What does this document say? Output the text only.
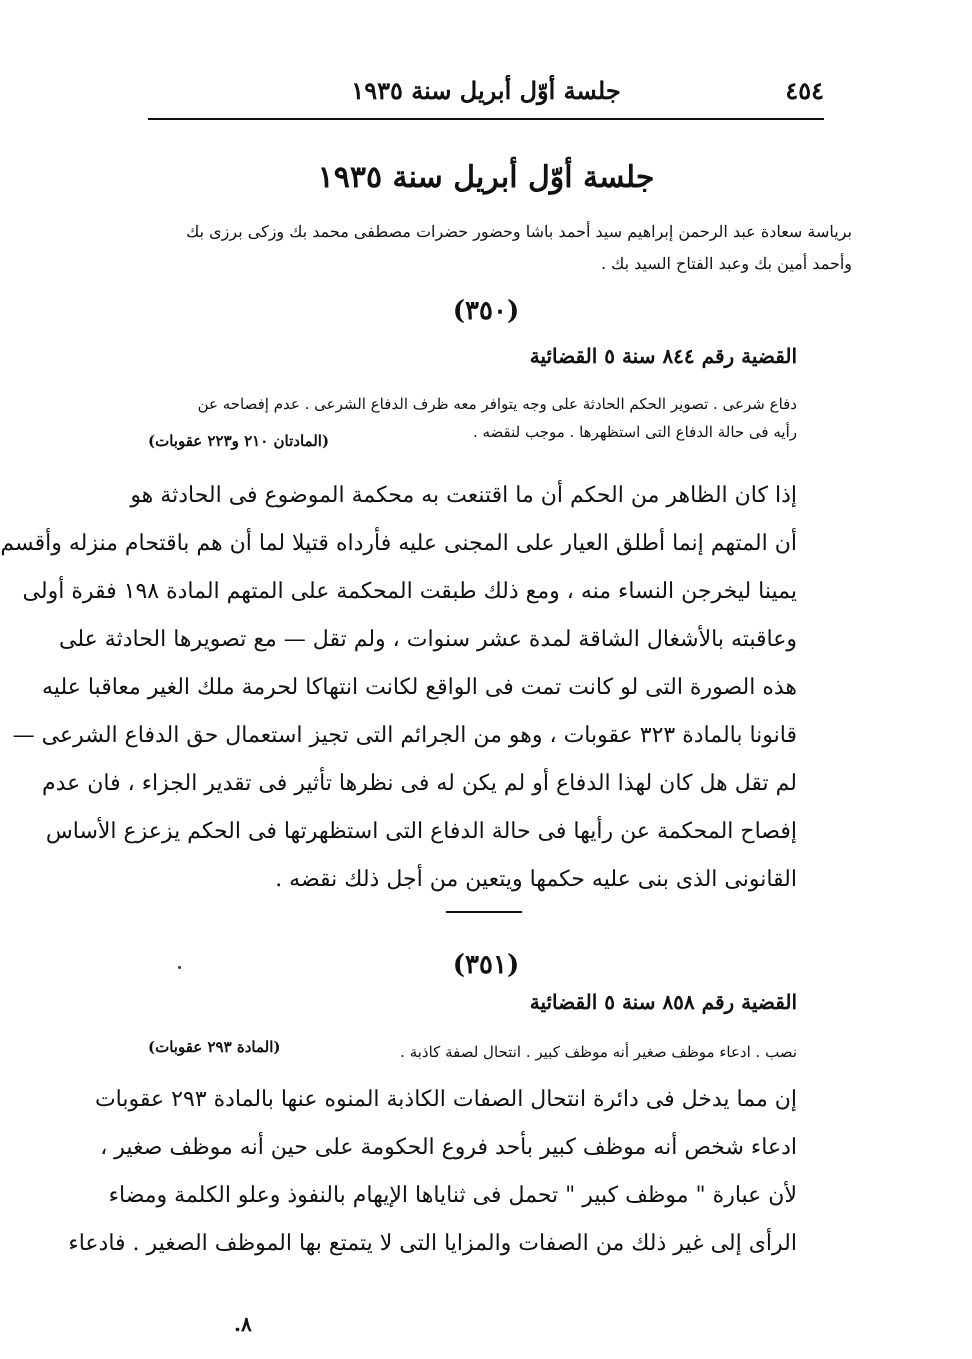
٤٥٤
جلسة أوّل أبريل سنة ١٩٣٥
جلسة أوّل أبريل سنة ١٩٣٥
برياسة سعادة عبد الرحمن إبراهيم سيد أحمد باشا وحضور حضرات مصطفى محمد بك وزكى برزى بك
وأحمد أمين بك وعبد الفتاح السيد بك .
(٣٥٠)
القضية رقم ٨٤٤ سنة ٥ القضائية
دفاع شرعى . تصوير الحكم الحادثة على وجه يتوافر معه ظرف الدفاع الشرعى . عدم إفصاحه عن
رأيه فى حالة الدفاع التى استظهرها . موجب لنقضه .
(المادتان ٢١٠ و٢٢٣ عقوبات)
إذا كان الظاهر من الحكم أن ما اقتنعت به محكمة الموضوع فى الحادثة هو
أن المتهم إنما أطلق العيار على المجنى عليه فأرداه قتيلا لما أن هم باقتحام منزله وأقسم
يمينا ليخرجن النساء منه ، ومع ذلك طبقت المحكمة على المتهم المادة ١٩٨ فقرة أولى
وعاقبته بالأشغال الشاقة لمدة عشر سنوات ، ولم تقل — مع تصويرها الحادثة على
هذه الصورة التى لو كانت تمت فى الواقع لكانت انتهاكا لحرمة ملك الغير معاقبا عليه
قانونا بالمادة ٣٢٣ عقوبات ، وهو من الجرائم التى تجيز استعمال حق الدفاع الشرعى —
لم تقل هل كان لهذا الدفاع أو لم يكن له فى نظرها تأثير فى تقدير الجزاء ، فان عدم
إفصاح المحكمة عن رأيها فى حالة الدفاع التى استظهرتها فى الحكم يزعزع الأساس
القانونى الذى بنى عليه حكمها ويتعين من أجل ذلك نقضه .
(٣٥١)
القضية رقم ٨٥٨ سنة ٥ القضائية
نصب . ادعاء موظف صغير أنه موظف كبير . انتحال لصفة كاذبة .
(المادة ٢٩٣ عقوبات)
إن مما يدخل فى دائرة انتحال الصفات الكاذبة المنوه عنها بالمادة ٢٩٣ عقوبات
ادعاء شخص أنه موظف كبير بأحد فروع الحكومة على حين أنه موظف صغير ،
لأن عبارة " موظف كبير " تحمل فى ثناياها الإيهام بالنفوذ وعلو الكلمة ومضاء
الرأى إلى غير ذلك من الصفات والمزايا التى لا يتمتع بها الموظف الصغير . فادعاء
٨.
